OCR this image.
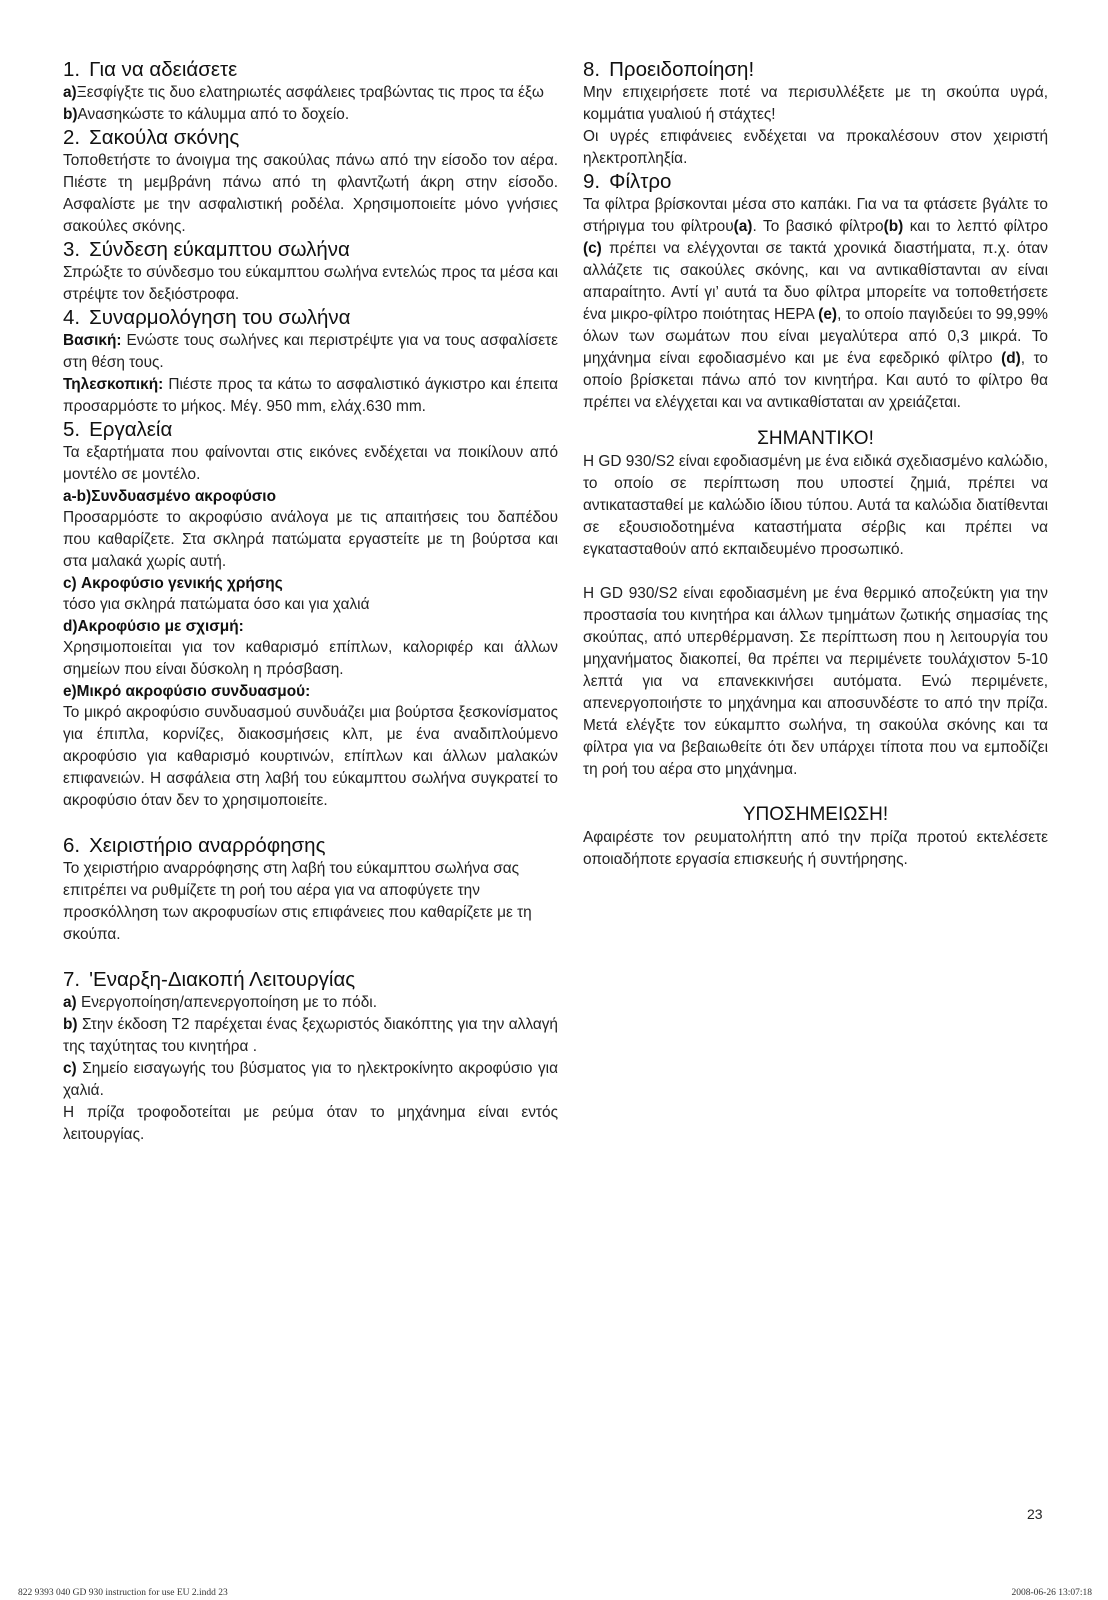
1. Για να αδειάσετε

a)Ξεσφίγξτε τις δυο ελατηριωτές ασφάλειες τραβώντας τις προς τα έξω

b)Ανασηκώστε το κάλυμμα από το δοχείο.

2. Σακούλα σκόνης

Τοποθετήστε το άνοιγμα της σακούλας πάνω από την είσοδο τον αέρα. Πιέστε τη μεμβράνη πάνω από τη φλαντζωτή άκρη στην είσοδο. Ασφαλίστε με την ασφαλιστική ροδέλα. Χρησιμοποιείτε μόνο γνήσιες σακούλες σκόνης.

3. Σύνδεση εύκαμπτου σωλήνα

Σπρώξτε το σύνδεσμο του εύκαμπτου σωλήνα εντελώς προς τα μέσα και στρέψτε τον δεξιόστροφα.

4. Συναρμολόγηση του σωλήνα

Βασική: Ενώστε τους σωλήνες και περιστρέψτε για να τους ασφαλίσετε στη θέση τους.

Τηλεσκοπική: Πιέστε προς τα κάτω το ασφαλιστικό άγκιστρο και έπειτα προσαρμόστε το μήκος. Μέγ. 950 mm, ελάχ.630 mm.

5. Εργαλεία

Τα εξαρτήματα που φαίνονται στις εικόνες ενδέχεται να ποικίλουν από μοντέλο σε μοντέλο.

a-b)Συνδυασμένο ακροφύσιο

Προσαρμόστε το ακροφύσιο ανάλογα με τις απαιτήσεις του δαπέδου που καθαρίζετε. Στα σκληρά πατώματα εργαστείτε με τη βούρτσα και στα μαλακά χωρίς αυτή.

c) Ακροφύσιο γενικής χρήσης

τόσο για σκληρά πατώματα όσο και για χαλιά

d)Ακροφύσιο με σχισμή:

Χρησιμοποιείται για τον καθαρισμό επίπλων, καλοριφέρ και άλλων σημείων που είναι δύσκολη η πρόσβαση.

e)Μικρό ακροφύσιο συνδυασμού:

Το μικρό ακροφύσιο συνδυασμού συνδυάζει μια βούρτσα ξεσκονίσματος για έπιπλα, κορνίζες, διακοσμήσεις κλπ, με ένα αναδιπλούμενο ακροφύσιο για καθαρισμό κουρτινών, επίπλων και άλλων μαλακών επιφανειών. Η ασφάλεια στη λαβή του εύκαμπτου σωλήνα συγκρατεί το ακροφύσιο όταν δεν το χρησιμοποιείτε.

6. Χειριστήριο αναρρόφησης

Το χειριστήριο αναρρόφησης στη λαβή του εύκαμπτου σωλήνα σας επιτρέπει να ρυθμίζετε τη ροή του αέρα για να αποφύγετε την προσκόλληση των ακροφυσίων στις επιφάνειες που καθαρίζετε με τη σκούπα.

7. 'Εναρξη-Διακοπή Λειτουργίας

a) Ενεργοποίηση/απενεργοποίηση με το πόδι.

b) Στην έκδοση T2 παρέχεται ένας ξεχωριστός διακόπτης για την αλλαγή της ταχύτητας του κινητήρα .

c) Σημείο εισαγωγής του βύσματος για το ηλεκτροκίνητο ακροφύσιο για χαλιά.

Η πρίζα τροφοδοτείται με ρεύμα όταν το μηχάνημα είναι εντός λειτουργίας.

8. Προειδοποίηση!

Μην επιχειρήσετε ποτέ να περισυλλέξετε με τη σκούπα υγρά, κομμάτια γυαλιού ή στάχτες!

Οι υγρές επιφάνειες ενδέχεται να προκαλέσουν στον χειριστή ηλεκτροπληξία.

9. Φίλτρο

Τα φίλτρα βρίσκονται μέσα στο καπάκι. Για να τα φτάσετε βγάλτε το στήριγμα του φίλτρου(a). Το βασικό φίλτρο(b) και το λεπτό φίλτρο (c) πρέπει να ελέγχονται σε τακτά χρονικά διαστήματα, π.χ. όταν αλλάζετε τις σακούλες σκόνης, και να αντικαθίστανται αν είναι απαραίτητο. Αντί γι’ αυτά τα δυο φίλτρα μπορείτε να τοποθετήσετε ένα μικρο-φίλτρο ποιότητας HEPA (e), το οποίο παγιδεύει το 99,99% όλων των σωμάτων που είναι μεγαλύτερα από 0,3 μικρά. Το μηχάνημα είναι εφοδιασμένο και με ένα εφεδρικό φίλτρο (d), το οποίο βρίσκεται πάνω από τον κινητήρα. Και αυτό το φίλτρο θα πρέπει να ελέγχεται και να αντικαθίσταται αν χρειάζεται.

ΣΗΜΑΝΤΙΚΟ!

Η GD 930/S2 είναι εφοδιασμένη με ένα ειδικά σχεδιασμένο καλώδιο, το οποίο σε περίπτωση που υποστεί ζημιά, πρέπει να αντικατασταθεί με καλώδιο ίδιου τύπου. Αυτά τα καλώδια διατίθενται σε εξουσιοδοτημένα καταστήματα σέρβις και πρέπει να εγκατασταθούν από εκπαιδευμένο προσωπικό.

Η GD 930/S2 είναι εφοδιασμένη με ένα θερμικό αποζεύκτη για την προστασία του κινητήρα και άλλων τμημάτων ζωτικής σημασίας της σκούπας, από υπερθέρμανση. Σε περίπτωση που η λειτουργία του μηχανήματος διακοπεί, θα πρέπει να περιμένετε τουλάχιστον 5-10 λεπτά για να επανεκκινήσει αυτόματα. Ενώ περιμένετε, απενεργοποιήστε το μηχάνημα και αποσυνδέστε το από την πρίζα. Μετά ελέγξτε τον εύκαμπτο σωλήνα, τη σακούλα σκόνης και τα φίλτρα για να βεβαιωθείτε ότι δεν υπάρχει τίποτα που να εμποδίζει τη ροή του αέρα στο μηχάνημα.

ΥΠΟΣΗΜΕΙΩΣΗ!

Αφαιρέστε τον ρευματολήπτη από την πρίζα προτού εκτελέσετε οποιαδήποτε εργασία επισκευής ή συντήρησης.

23
822 9393 040 GD 930 instruction for use EU 2.indd 23	2008-06-26 13:07:18
